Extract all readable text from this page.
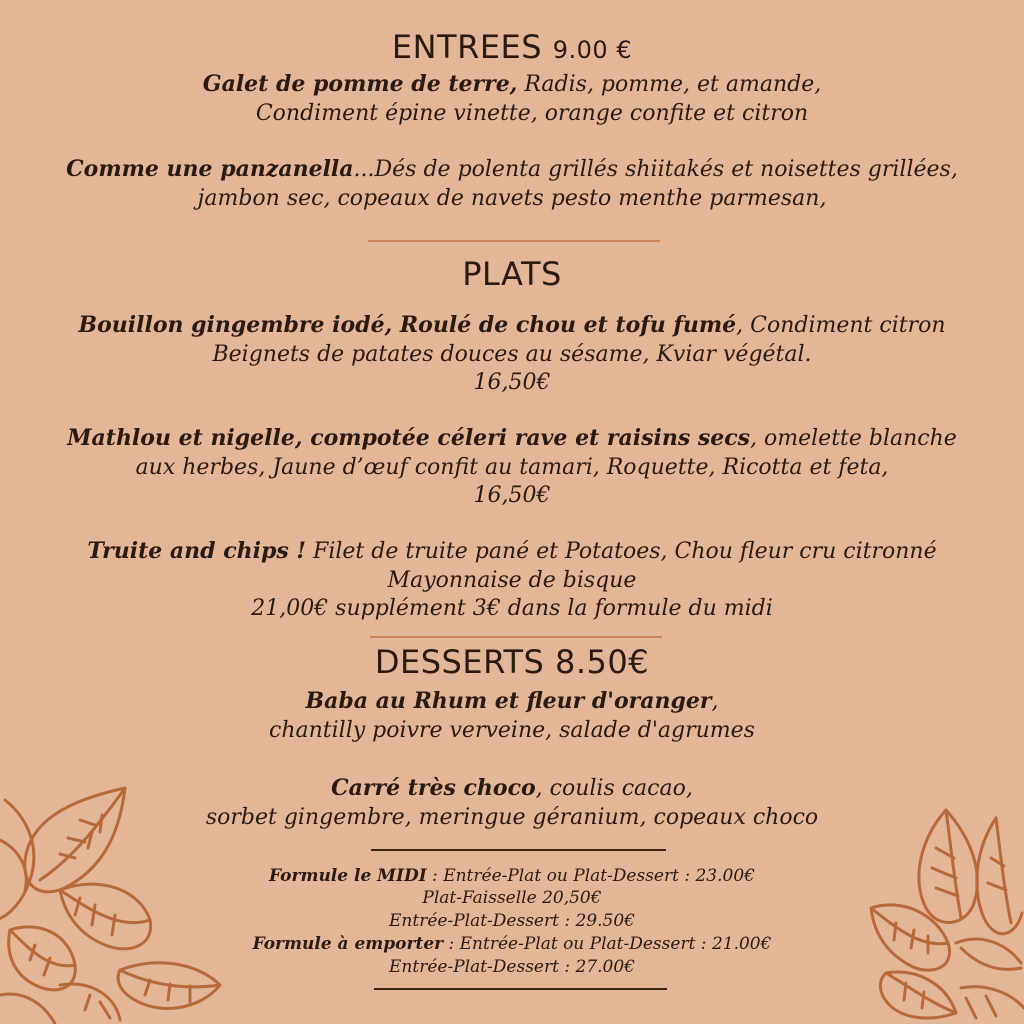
ENTREES 9.00 €
Galet de pomme de terre, Radis, pomme, et amande,
Condiment épine vinette, orange confite et citron
Comme une panzanella...Dés de polenta grillés shiitakés et noisettes grillées,
jambon sec, copeaux de navets pesto menthe parmesan,
PLATS
Bouillon gingembre iodé, Roulé de chou et tofu fumé, Condiment citron
Beignets de patates douces au sésame, Kviar végétal.
16,50€
Mathlou et nigelle, compotée céleri rave et raisins secs, omelette blanche
aux herbes, Jaune d’œuf confit au tamari, Roquette, Ricotta et feta,
16,50€
Truite and chips ! Filet de truite pané et Potatoes, Chou fleur cru citronné
Mayonnaise de bisque
21,00€ supplément 3€ dans la formule du midi
DESSERTS 8.50€
Baba au Rhum et fleur d'oranger,
chantilly poivre verveine, salade d'agrumes
Carré très choco, coulis cacao,
sorbet gingembre, meringue géranium, copeaux choco
Formule le MIDI : Entrée-Plat ou Plat-Dessert : 23.00€
Plat-Faisselle 20,50€
Entrée-Plat-Dessert : 29.50€
Formule à emporter : Entrée-Plat ou Plat-Dessert : 21.00€
Entrée-Plat-Dessert : 27.00€
